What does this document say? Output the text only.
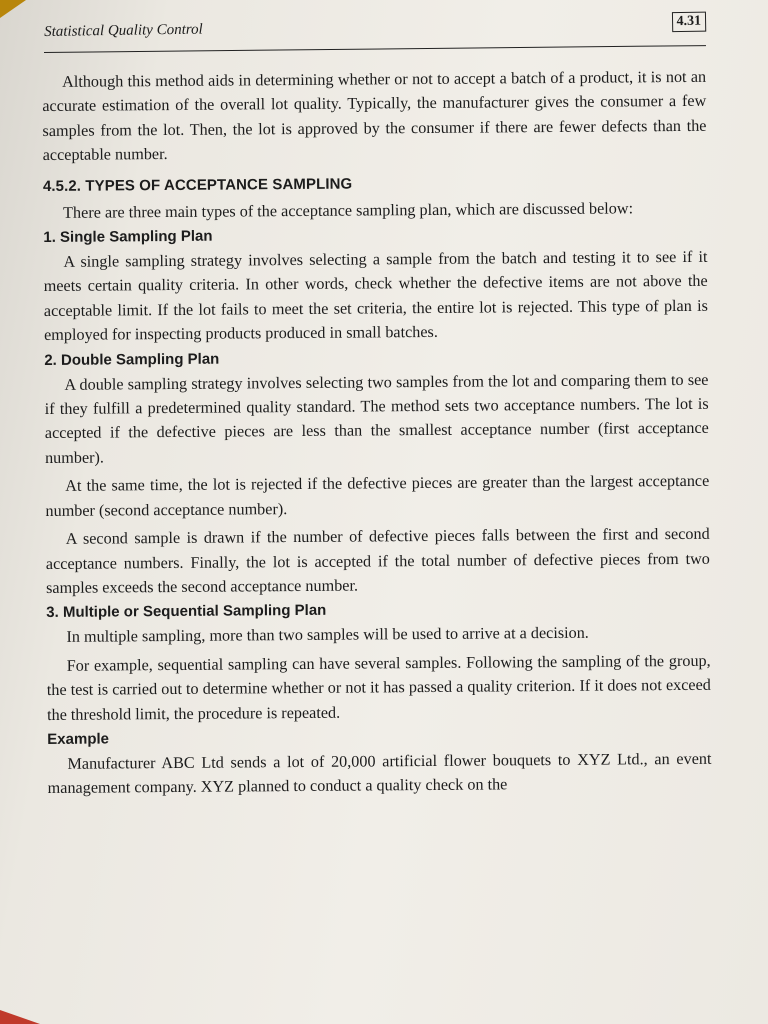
Statistical Quality Control
4.31

Although this method aids in determining whether or not to accept a batch of a product, it is not an accurate estimation of the overall lot quality. Typically, the manufacturer gives the consumer a few samples from the lot. Then, the lot is approved by the consumer if there are fewer defects than the acceptable number.

4.5.2. TYPES OF ACCEPTANCE SAMPLING

There are three main types of the acceptance sampling plan, which are discussed below:

1. Single Sampling Plan

A single sampling strategy involves selecting a sample from the batch and testing it to see if it meets certain quality criteria. In other words, check whether the defective items are not above the acceptable limit. If the lot fails to meet the set criteria, the entire lot is rejected. This type of plan is employed for inspecting products produced in small batches.

2. Double Sampling Plan

A double sampling strategy involves selecting two samples from the lot and comparing them to see if they fulfill a predetermined quality standard. The method sets two acceptance numbers. The lot is accepted if the defective pieces are less than the smallest acceptance number (first acceptance number).

At the same time, the lot is rejected if the defective pieces are greater than the largest acceptance number (second acceptance number).

A second sample is drawn if the number of defective pieces falls between the first and second acceptance numbers. Finally, the lot is accepted if the total number of defective pieces from two samples exceeds the second acceptance number.

3. Multiple or Sequential Sampling Plan

In multiple sampling, more than two samples will be used to arrive at a decision.

For example, sequential sampling can have several samples. Following the sampling of the group, the test is carried out to determine whether or not it has passed a quality criterion. If it does not exceed the threshold limit, the procedure is repeated.

Example

Manufacturer ABC Ltd sends a lot of 20,000 artificial flower bouquets to XYZ Ltd., an event management company. XYZ planned to conduct a quality check on the
